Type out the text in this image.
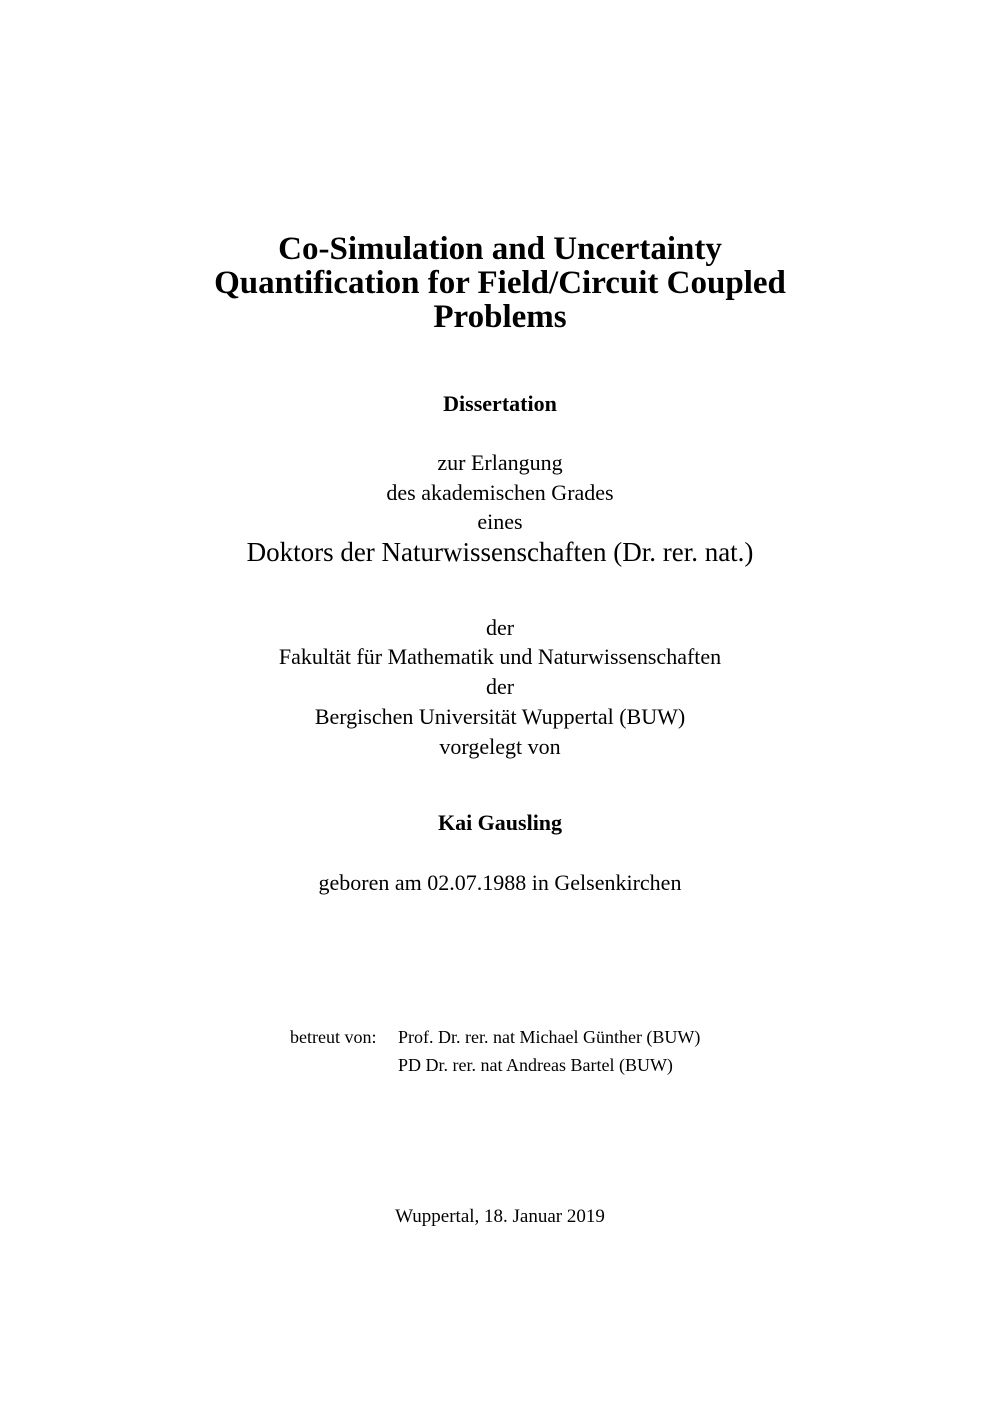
Co-Simulation and Uncertainty
Quantification for Field/Circuit Coupled
Problems
Dissertation
zur Erlangung
des akademischen Grades
eines
Doktors der Naturwissenschaften (Dr. rer. nat.)
der
Fakultät für Mathematik und Naturwissenschaften
der
Bergischen Universität Wuppertal (BUW)
vorgelegt von
Kai Gausling
geboren am 02.07.1988 in Gelsenkirchen
betreut von: Prof. Dr. rer. nat Michael Günther (BUW)
PD Dr. rer. nat Andreas Bartel (BUW)
Wuppertal, 18. Januar 2019
